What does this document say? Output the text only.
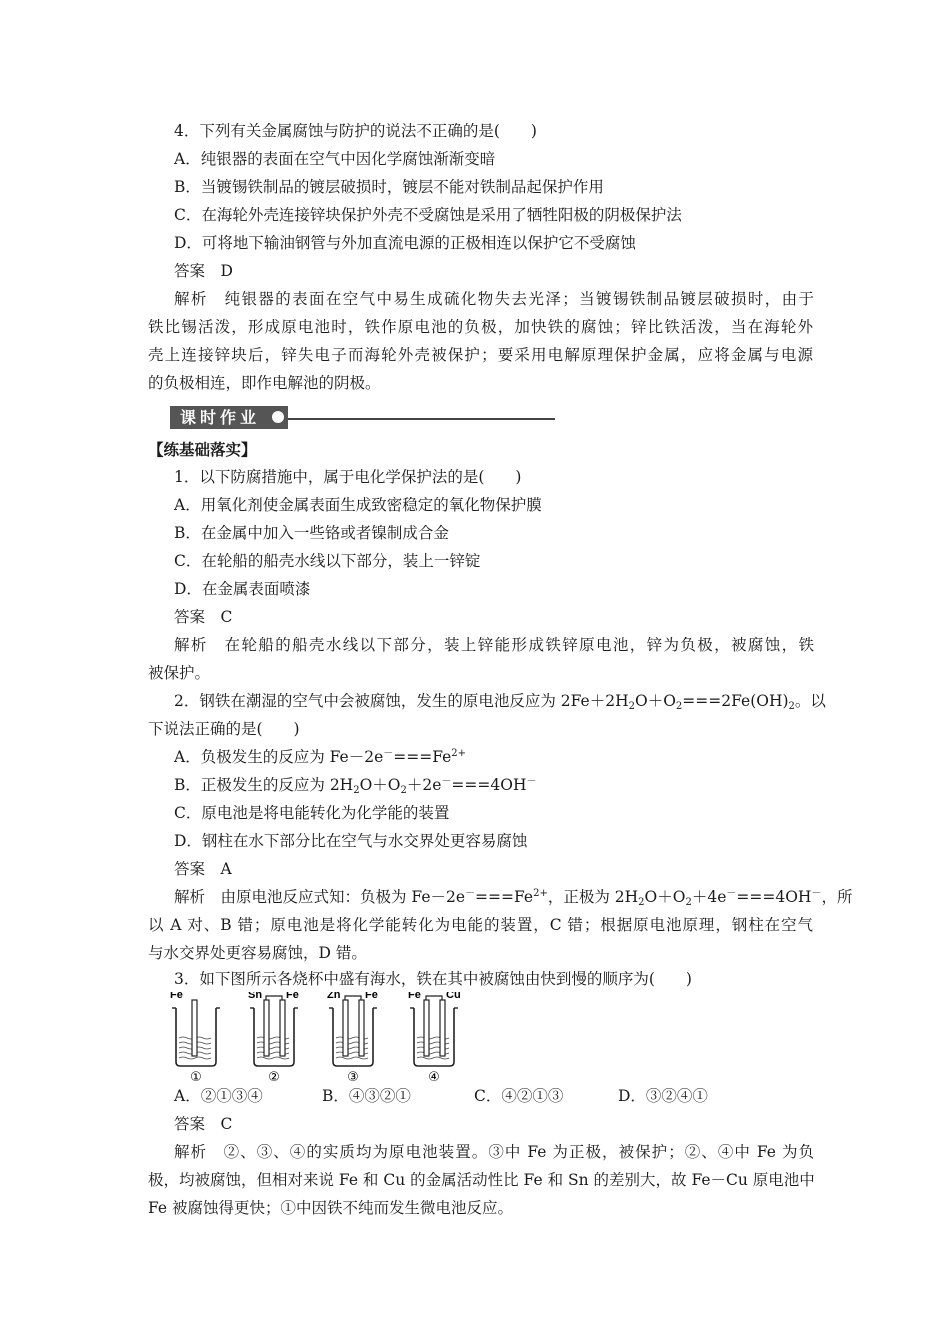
4．下列有关金属腐蚀与防护的说法不正确的是(　　)
A．纯银器的表面在空气中因化学腐蚀渐渐变暗
B．当镀锡铁制品的镀层破损时，镀层不能对铁制品起保护作用
C．在海轮外壳连接锌块保护外壳不受腐蚀是采用了牺牲阳极的阴极保护法
D．可将地下输油钢管与外加直流电源的正极相连以保护它不受腐蚀
答案　D
解析　纯银器的表面在空气中易生成硫化物失去光泽；当镀锡铁制品镀层破损时，由于
铁比锡活泼，形成原电池时，铁作原电池的负极，加快铁的腐蚀；锌比铁活泼，当在海轮外
壳上连接锌块后，锌失电子而海轮外壳被保护；要采用电解原理保护金属，应将金属与电源
的负极相连，即作电解池的阴极。
课时作业
【练基础落实】
1．以下防腐措施中，属于电化学保护法的是(　　)
A．用氧化剂使金属表面生成致密稳定的氧化物保护膜
B．在金属中加入一些铬或者镍制成合金
C．在轮船的船壳水线以下部分，装上一锌锭
D．在金属表面喷漆
答案　C
解析　在轮船的船壳水线以下部分，装上锌能形成铁锌原电池，锌为负极，被腐蚀，铁
被保护。
2．钢铁在潮湿的空气中会被腐蚀，发生的原电池反应为 2Fe＋2H2O＋O2===2Fe(OH)2。以
下说法正确的是(　　)
A．负极发生的反应为 $Fe-2e^-===Fe^{2+}$
B．正极发生的反应为 2H2O＋O2＋2e－===4OH－
C．原电池是将电能转化为化学能的装置
D．钢柱在水下部分比在空气与水交界处更容易腐蚀
答案　A
解析　由原电池反应式知：负极为 $Fe-2e^-===Fe^{2+}$，正极为 2H2O＋O2＋4e－===4OH－，所
以 A 对、B 错；原电池是将化学能转化为电能的装置，C 错；根据原电池原理，钢柱在空气
与水交界处更容易腐蚀，D 错。
3．如下图所示各烧杯中盛有海水，铁在其中被腐蚀由快到慢的顺序为(　　)
Fe
①
Sn Fe
②
Zn Fe
③
Fe Cu
④
A．②①③④	B．④③②①	C．④②①③	D．③②④①
答案　C
解析　②、③、④的实质均为原电池装置。③中 Fe 为正极，被保护；②、④中 Fe 为负
极，均被腐蚀，但相对来说 Fe 和 Cu 的金属活动性比 Fe 和 Sn 的差别大，故 Fe－Cu 原电池中
Fe 被腐蚀得更快；①中因铁不纯而发生微电池反应。
